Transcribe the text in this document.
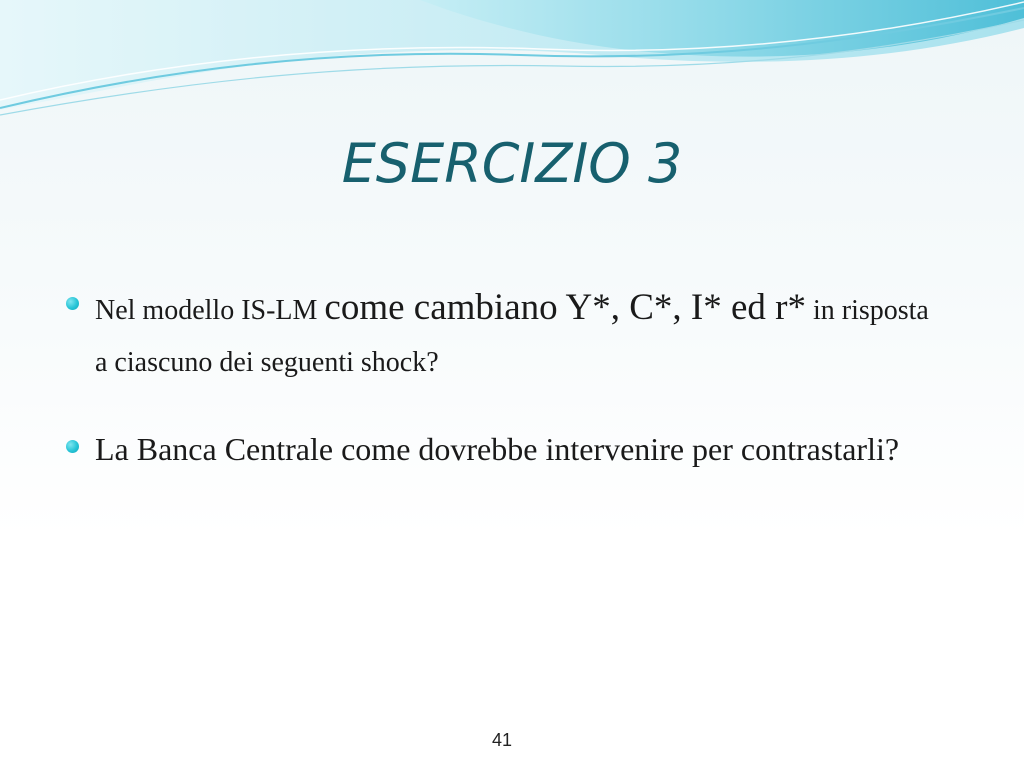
ESERCIZIO 3
Nel modello IS-LM come cambiano Y*, C*, I* ed r* in risposta a ciascuno dei seguenti shock?
La Banca Centrale come dovrebbe intervenire per contrastarli?
41
